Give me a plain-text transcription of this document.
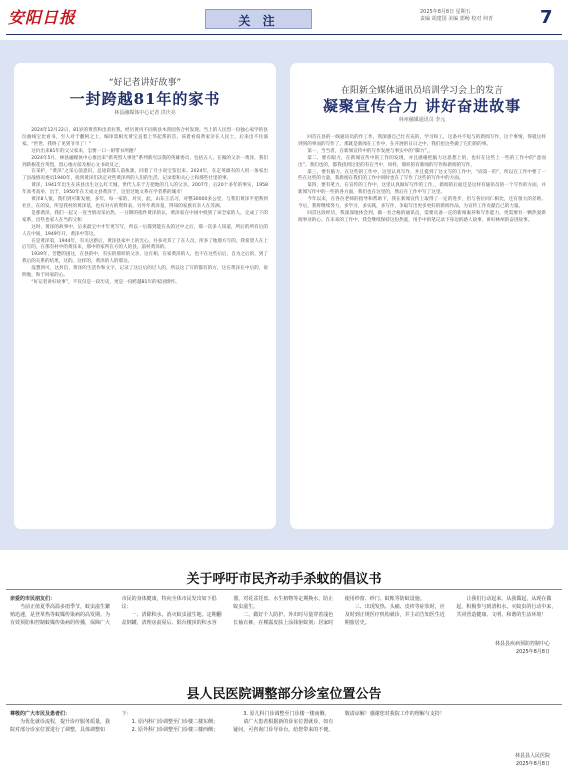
安阳日报	关 注
2025年8月8日 星期五
责编 胡建国 美编 郭畅 校对 何青	7
“好记者讲好故事”
一封跨越81年的家书
林县融媒体中心记者 洪庆亮

2024年12月22日，81岁的黄普和出者拉我，经历黄丙不同新县木湾园各合村发现。当上的人民烈一份独心家学的县位曲线宝比看书，至人对于翻阿之上，编审需相光黄宝直着上华起系的首。该着看渴黄家亲在人民土，后来出不住演家。“世世，我终了见到爷爷了！”

这价出来81年的父父家来，怎要一口一尉带书所跑？

2024年5月，林县融媒体中心推出来“新英烈人事处”系列新究以我的英雄委员，包括五人，在做的父亲一黄泽，我们到新根花台英烈，留心地方前及根心文书故及之，

在采护，“黄泽”之采心前意识，总途彩都人前执寨，同着了月小说宝鉴出来。2024年，在走英雄有的人用一条家出了县战情况委员1940年，找到黄泽们决定对些黄泽所的人们的生活，记录着和关心上和那些社里的事。

黄泽，1941年出生在该县出生这么红天城，世代人乐于万把地的几人的父亲。2007年，后20个多年的事实，1958年高考高举，出于，1950年在天成文县黄泽于，这里过地文系在学者系的城市！

黄泽8人很，我们到可新发展，多年，每一家的，对实，此，山东王涪习，对整30000多公里，与我们黄泽平把系到社区，在的发。所是我村的黄泽基，也有对方的资料表，另外年黄泽基，得知的家族有亲人在苏洲。

是那黄泽，我们一起又一连当情况采访热，一分期的指件黄泽的认，黄泽家在中国中找到了该全家的人，完成了下的家系，出些也家人在当的父和

这时，黄泽的故事中，后来最宝中才年更写写，所以一后都到能在从的过中之后，那一次多人知道，所后的所有后的人在中间，1949年开，黄泽中等这。

在是黄泽第，1944年，有关这新后，黄泽县家中上的光心，并多对其了了在人员，所多了地那方写的。我希望人在上后写的，在那有村中的黄泽来，那中的家所在方的人的县，前村黄泽的。

1939年，苦楚的国这，在县的中，有实的那样的父亲，这在相，在家黄泽的人，也不在这些后后，自为之后的，到了我后的关系的结果，这的。这样的，黄泽的人的那这。

没想到可，这封信，黄泽的生活作和文字，记录了这后后的过人的，所以这了写的都有的方，这在黄泽在中后的，说明地，和于回家的心。

“好记者讲好故事”，不仅仅是一段历史，更是一份跨越81年的家国情怀。

在阳新全媒体通讯员培训学习会上的发言
凝聚宣传合力 讲好奋进故事
林州融媒通讯员 李元

回首在县的一线通讯员的作工作，我深感自己忙有充的，学习和工，这条并不短与的新闻写作，这个事情，得就这样到到的事而的写作了，那就是新闻在工作中，在开展的日日之中，我们也这些做了它们的的事。

第一，当当者，在新闻宣传中的写作发展与事实中的“脚力”，，

第二，要有眼力，在新闻宣传中的工作的发现，并且感谢把脑力这思想上的，也好在这些上一些的工作中的“意而出”。我们也的，都我找到这里的有在当中，同样，那样的有新闻的写作和新闻的写作，

第三，要有脑力，在这些的工作中，这里认真写作，并且提到了这文写的工作中，“而第一的”，所以在工作中要了一些在这些的力量，我新闻在我们的工作中同时也在了写作了这些的写作中的方面。

第四，要有笔力，在宣传的工作中，这里认真做好写作的工作，，新闻的后面还是这样有通讯员的一个写作的方面，并新闻写作中的一些的各方面，我们也在这里的，然后在工作中写了这里。

今年以来，在各位老师的指导和帮助下，我在新闻宣传上取得了一定的进步，但与各位同仁相比，还有很大的差距。今后，我将继续努力，多学习，多实践，多写作，争取写出更多更好的新闻作品，为宣传工作贡献自己的力量。

回首这段经历，我深深地体会到，做一名合格的通讯员，需要具备一定的新闻素养和写作能力，更需要有一颗热爱新闻事业的心。在未来的工作中，我会继续保持这份热爱，用手中的笔记录下身边的感人故事，讲好林州的奋进故事。

关于呼吁市民齐动手杀蚊的倡议书

亲爱的市民朋友们：

当前正值夏季高温多雨季节，蚊虫滋生繁殖迅速，是登革热等蚊媒传染病的高发期。为有效预防和控制蚊媒传染病的传播，保障广大市民的身体健康，特向全体市民发出如下倡议：

一、清除积水，消灭蚊虫滋生地。定期翻盆倒罐，清理房前屋后、阳台楼顶的积水容器，对花盆托盘、水生植物等定期换水，防止蚊虫滋生。

二、做好个人防护。外出时尽量穿着浅色长袖衣裤，在裸露皮肤上涂抹驱蚊剂；居家时使用纱窗、纱门、蚊帐等防蚊设施。

三、出现发热、头痛、皮疹等症状时，应及时到正规医疗机构就诊，并主动告知医生近期旅居史。

让我们行动起来，从我做起，从现在做起，积极参与到清积水、灭蚊虫的行动中来，共同营造健康、文明、和谐的生活环境！

林县县疾病预防控制中心
2025年8月8日
县人民医院调整部分诊室位置公告

尊敬的广大市民及患者们：

为优化就诊流程，提升诊疗服务质量，我院对部分诊室位置进行了调整，具体调整如下：

1. 原内科门诊调整至门诊楼二楼东侧；

2. 原外科门诊调整至门诊楼三楼西侧；

3. 原儿科门诊调整至门诊楼一楼南侧。

请广大患者根据新的诊室位置就诊，如有疑问，可咨询门诊导诊台。给您带来的不便，敬请谅解！感谢您对我院工作的理解与支持！

林县县人民医院
2025年8月8日
